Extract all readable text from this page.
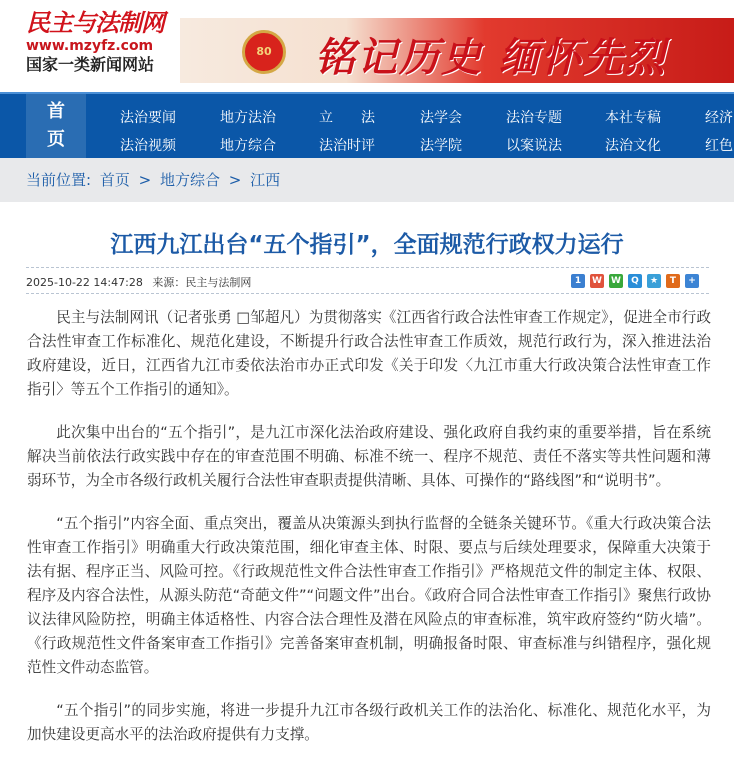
民主与法制网
www.mzyfz.com
国家一类新闻网站
80 铭记历史 缅怀先烈
首页
法治要闻	地方法治	立　　法	法学会	法治专题	本社专稿	经济
法治视频	地方综合	法治时评	法学院	以案说法	法治文化	红色
当前位置: 首页 > 地方综合 > 江西
江西九江出台“五个指引”，全面规范行政权力运行
2025-10-22 14:47:28 来源：民主与法制网	1	W W	Q	★	T	+

民主与法制网讯（记者张勇 □邹超凡）为贯彻落实《江西省行政合法性审查工作规定》，促进全市行政合法性审查工作标准化、规范化建设，不断提升行政合法性审查工作质效，规范行政行为，深入推进法治政府建设，近日，江西省九江市委依法治市办正式印发《关于印发〈九江市重大行政决策合法性审查工作指引〉等五个工作指引的通知》。

此次集中出台的“五个指引”，是九江市深化法治政府建设、强化政府自我约束的重要举措，旨在系统解决当前依法行政实践中存在的审查范围不明确、标准不统一、程序不规范、责任不落实等共性问题和薄弱环节，为全市各级行政机关履行合法性审查职责提供清晰、具体、可操作的“路线图”和“说明书”。

“五个指引”内容全面、重点突出，覆盖从决策源头到执行监督的全链条关键环节。《重大行政决策合法性审查工作指引》明确重大行政决策范围，细化审查主体、时限、要点与后续处理要求，保障重大决策于法有据、程序正当、风险可控。《行政规范性文件合法性审查工作指引》严格规范文件的制定主体、权限、程序及内容合法性，从源头防范“奇葩文件”“问题文件”出台。《政府合同合法性审查工作指引》聚焦行政协议法律风险防控，明确主体适格性、内容合法合理性及潜在风险点的审查标准，筑牢政府签约“防火墙”。《行政规范性文件备案审查工作指引》完善备案审查机制，明确报备时限、审查标准与纠错程序，强化规范性文件动态监管。

“五个指引”的同步实施，将进一步提升九江市各级行政机关工作的法治化、标准化、规范化水平，为加快建设更高水平的法治政府提供有力支撑。
